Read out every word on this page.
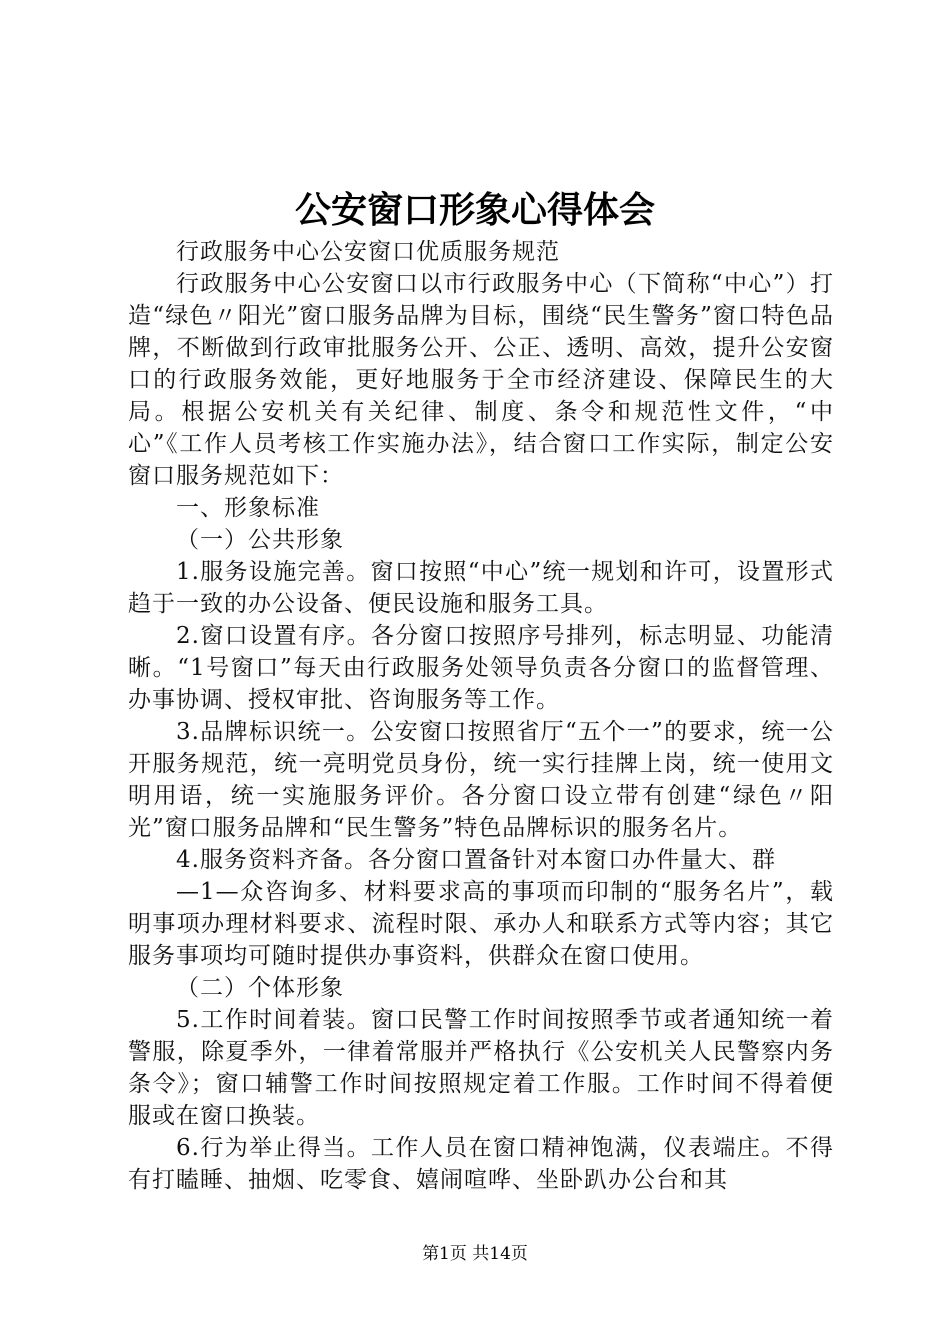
公安窗口形象心得体会

行政服务中心公安窗口优质服务规范

行政服务中心公安窗口以市行政服务中心（下简称“中心”）打造“绿色〃阳光”窗口服务品牌为目标，围绕“民生警务”窗口特色品牌，不断做到行政审批服务公开、公正、透明、高效，提升公安窗口的行政服务效能，更好地服务于全市经济建设、保障民生的大局。根据公安机关有关纪律、制度、条令和规范性文件，“中心”《工作人员考核工作实施办法》，结合窗口工作实际，制定公安窗口服务规范如下：

一、形象标准

（一）公共形象

1.服务设施完善。窗口按照“中心”统一规划和许可，设置形式趋于一致的办公设备、便民设施和服务工具。

2.窗口设置有序。各分窗口按照序号排列，标志明显、功能清晰。“1号窗口”每天由行政服务处领导负责各分窗口的监督管理、办事协调、授权审批、咨询服务等工作。

3.品牌标识统一。公安窗口按照省厅“五个一”的要求，统一公开服务规范，统一亮明党员身份，统一实行挂牌上岗，统一使用文明用语，统一实施服务评价。各分窗口设立带有创建“绿色〃阳光”窗口服务品牌和“民生警务”特色品牌标识的服务名片。

4.服务资料齐备。各分窗口置备针对本窗口办件量大、群

—1—众咨询多、材料要求高的事项而印制的“服务名片”，载明事项办理材料要求、流程时限、承办人和联系方式等内容；其它服务事项均可随时提供办事资料，供群众在窗口使用。

（二）个体形象

5.工作时间着装。窗口民警工作时间按照季节或者通知统一着警服，除夏季外，一律着常服并严格执行《公安机关人民警察内务条令》；窗口辅警工作时间按照规定着工作服。工作时间不得着便服或在窗口换装。

6.行为举止得当。工作人员在窗口精神饱满，仪表端庄。不得有打瞌睡、抽烟、吃零食、嬉闹喧哗、坐卧趴办公台和其

第1页 共14页
